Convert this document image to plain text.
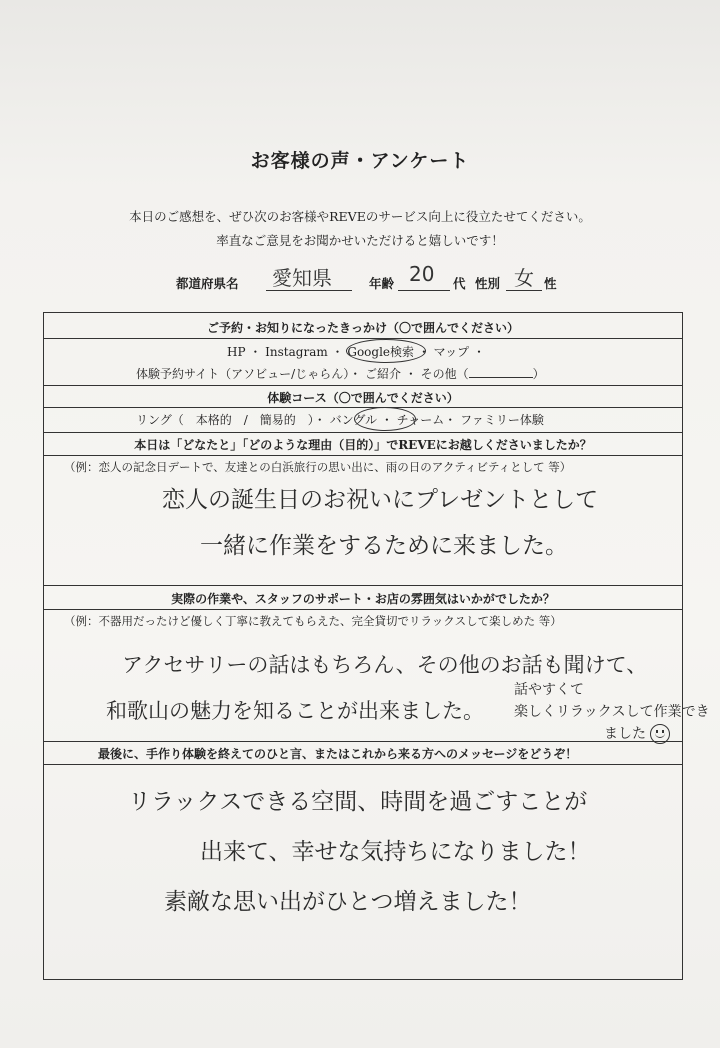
お客様の声・アンケート
本日のご感想を、ぜひ次のお客様やREVEのサービス向上に役立たせてください。
率直なご意見をお聞かせいただけると嬉しいです！
都道府県名 愛知県	年齢 20 代 性別 女 性
ご予約・お知りになったきっかけ（〇で囲んでください）
HP ・ Instagram ・ Google検索 ・ マップ ・
体験予約サイト（アソビュー/じゃらん）・ ご紹介 ・ その他（	）
体験コース（〇で囲んでください）
リング（　本格的　/　簡易的　）・ バングル ・ チャーム・ ファミリー体験
本日は「どなたと」「どのような理由（目的）」でREVEにお越しくださいましたか？
（例：恋人の記念日デートで、友達との白浜旅行の思い出に、雨の日のアクティビティとして 等）
恋人の誕生日のお祝いにプレゼントとして
一緒に作業をするために来ました。
実際の作業や、スタッフのサポート・お店の雰囲気はいかがでしたか？
（例：不器用だったけど優しく丁寧に教えてもらえた、完全貸切でリラックスして楽しめた 等）
アクセサリーの話はもちろん、その他のお話も聞けて、
和歌山の魅力を知ることが出来ました。
話やすくて
楽しくリラックスして作業でき
ました
最後に、手作り体験を終えてのひと言、またはこれから来る方へのメッセージをどうぞ！
リラックスできる空間、時間を過ごすことが
出来て、幸せな気持ちになりました！
素敵な思い出がひとつ増えました！
